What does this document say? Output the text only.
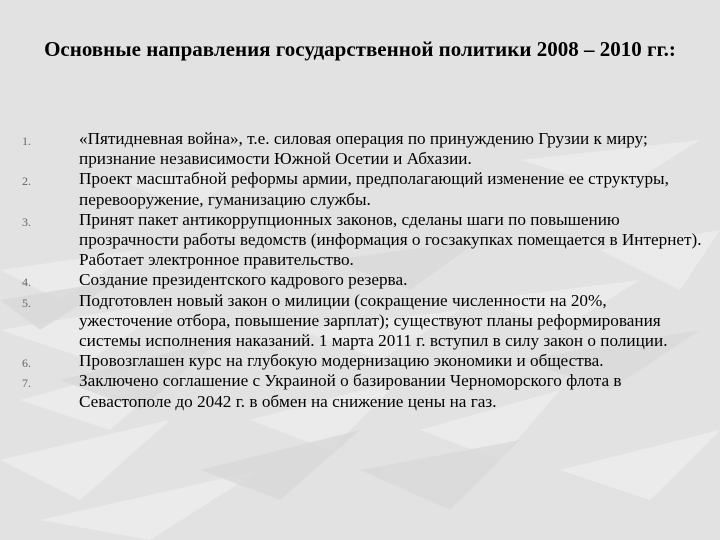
Основные направления государственной политики 2008 – 2010 гг.:
1.	«Пятидневная война», т.е. силовая операция по принуждению Грузии к миру; признание независимости Южной Осетии и Абхазии.
2.	Проект масштабной реформы армии, предполагающий изменение ее структуры, перевооружение, гуманизацию службы.
3.	Принят пакет антикоррупционных законов, сделаны шаги по повышению прозрачности работы ведомств (информация о госзакупках помещается в Интернет). Работает электронное правительство.
4.	Создание президентского кадрового резерва.
5.	Подготовлен новый закон о милиции (сокращение численности на 20%, ужесточение отбора, повышение зарплат); существуют планы реформирования системы исполнения наказаний. 1 марта 2011 г. вступил в силу закон о полиции.
6.	Провозглашен курс на глубокую модернизацию экономики и общества.
7.	Заключено соглашение с Украиной о базировании Черноморского флота в Севастополе до 2042 г. в обмен на снижение цены на газ.
